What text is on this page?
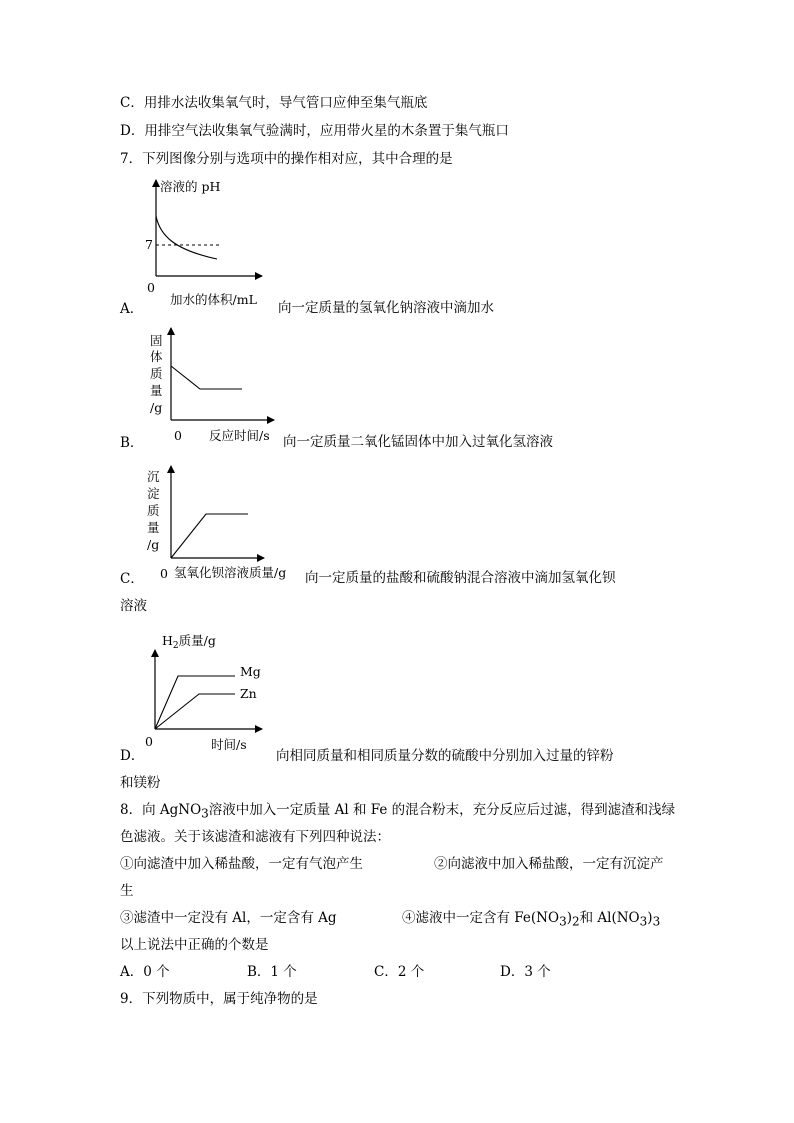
C．用排水法收集氧气时，导气管口应伸至集气瓶底
D．用排空气法收集氧气验满时，应用带火星的木条置于集气瓶口
7．下列图像分别与选项中的操作相对应，其中合理的是
溶液的 pH
7
0
加水的体积/mL
固
体
质
量
/g
0 反应时间/s
沉
淀
质
量
/g
0 氢氧化钡溶液质量/g
$H_2$质量/g
Mg
Zn
0	时间/s
A．	向一定质量的氢氧化钠溶液中滴加水
B．	向一定质量二氧化锰固体中加入过氧化氢溶液
C．	向一定质量的盐酸和硫酸钠混合溶液中滴加氢氧化钡
溶液
D．	向相同质量和相同质量分数的硫酸中分别加入过量的锌粉
和镁粉
8．向 AgNO$_3$溶液中加入一定质量 Al 和 Fe 的混合粉末，充分反应后过滤，得到滤渣和浅绿
色滤液。关于该滤渣和滤液有下列四种说法：
①向滤渣中加入稀盐酸，一定有气泡产生	②向滤液中加入稀盐酸，一定有沉淀产
生
③滤渣中一定没有 Al，一定含有 Ag	④滤液中一定含有 $Fe(NO_3)_2$和 $Al(NO_3)_3$
以上说法中正确的个数是
A．0 个	B．1 个	C．2 个	D．3 个
9．下列物质中，属于纯净物的是
